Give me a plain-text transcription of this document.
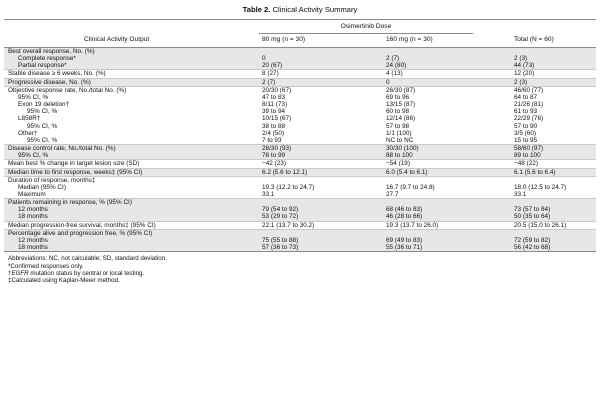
Table 2. Clinical Activity Summary
Osimertinib Dose
Clinical Activity Output	80 mg (n = 30)	160 mg (n = 30)	Total (N = 60)
Best overall response, No. (%)			
Complete response*	0	2 (7)	2 (3)
Partial response*	20 (67)	24 (80)	44 (73)
Stable disease ≥ 6 weeks, No. (%)	8 (27)	4 (13)	12 (20)
Progressive disease, No. (%)	2 (7)	0	2 (3)
Objective response rate, No./total No. (%)	20/30 (67)	26/30 (87)	46/60 (77)
95% CI, %	47 to 83	69 to 96	64 to 87
Exon 19 deletion†	8/11 (73)	13/15 (87)	21/26 (81)
95% CI, %	39 to 94	60 to 98	61 to 93
L858R†	10/15 (67)	12/14 (86)	22/29 (76)
95% CI, %	38 to 88	57 to 98	57 to 90
Other†	2/4 (50)	1/1 (100)	3/5 (60)
95% CI, %	7 to 93	NC to NC	15 to 95
Disease control rate, No./total No. (%)	28/30 (93)	30/30 (100)	58/60 (97)
95% CI, %	78 to 99	88 to 100	89 to 100
Mean best % change in target lesion size (SD)	−42 (23)	−54 (19)	−48 (22)
Median time to first response, weeks‡ (95% CI)	6.2 (5.6 to 12.1)	6.0 (5.4 to 6.1)	6.1 (5.6 to 6.4)
Duration of response, months‡			
Median (95% CI)	19.3 (12.2 to 24.7)	16.7 (9.7 to 24.8)	18.0 (12.5 to 24.7)
Maximum	33.1	27.7	33.1
Patients remaining in response, % (95% CI)			
12 months	79 (54 to 92)	68 (46 to 83)	73 (57 to 84)
18 months	53 (29 to 72)	46 (28 to 66)	50 (35 to 64)
Median progression-free survival, months‡ (95% CI)	22.1 (13.7 to 30.2)	19.3 (13.7 to 26.0)	20.5 (15.0 to 26.1)
Percentage alive and progression free, % (95% CI)			
12 months	75 (55 to 88)	69 (49 to 83)	72 (59 to 82)
18 months	57 (36 to 73)	55 (36 to 71)	56 (42 to 68)
Abbreviations: NC, not calculable; SD, standard deviation.
*Confirmed responses only.
†EGFR mutation status by central or local testing.
‡Calculated using Kaplan-Meier method.
